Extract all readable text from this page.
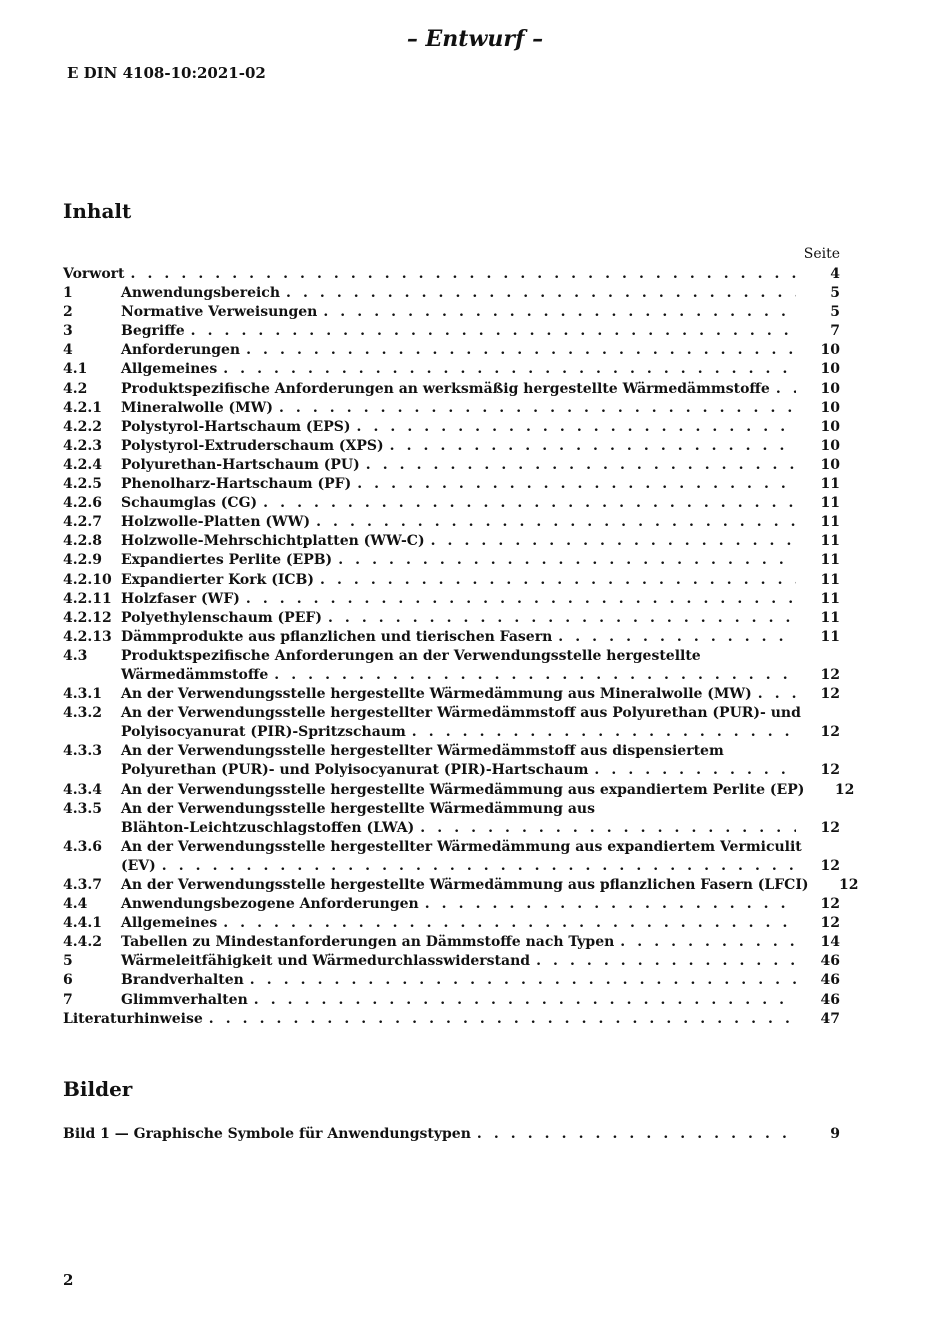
– Entwurf –
E DIN 4108-10:2021-02
Inhalt
Seite
Vorwort . . .	4
1	Anwendungsbereich . . .	5
2	Normative Verweisungen . . .	5
3	Begriffe . . .	7
4	Anforderungen . . .	10
4.1	Allgemeines . . .	10
4.2	Produktspezifische Anforderungen an werksmäßig hergestellte Wärmedämmstoffe . . .	10
4.2.1	Mineralwolle (MW) . . .	10
4.2.2	Polystyrol-Hartschaum (EPS) . . .	10
4.2.3	Polystyrol-Extruderschaum (XPS) . . .	10
4.2.4	Polyurethan-Hartschaum (PU) . . .	10
4.2.5	Phenolharz-Hartschaum (PF) . . .	11
4.2.6	Schaumglas (CG) . . .	11
4.2.7	Holzwolle-Platten (WW) . . .	11
4.2.8	Holzwolle-Mehrschichtplatten (WW-C) . . .	11
4.2.9	Expandiertes Perlite (EPB) . . .	11
4.2.10 Expandierter Kork (ICB) . . .	11
4.2.11 Holzfaser (WF) . . .	11
4.2.12 Polyethylenschaum (PEF) . . .	11
4.2.13 Dämmprodukte aus pflanzlichen und tierischen Fasern . . .	11
4.3	Produktspezifische Anforderungen an der Verwendungsstelle hergestellte
Wärmedämmstoffe . . .	12
4.3.1	An der Verwendungsstelle hergestellte Wärmedämmung aus Mineralwolle (MW) . . .	12
4.3.2	An der Verwendungsstelle hergestellter Wärmedämmstoff aus Polyurethan (PUR)- und
Polyisocyanurat (PIR)-Spritzschaum . . .	12
4.3.3	An der Verwendungsstelle hergestellter Wärmedämmstoff aus dispensiertem
Polyurethan (PUR)- und Polyisocyanurat (PIR)-Hartschaum . . .	12
4.3.4	An der Verwendungsstelle hergestellte Wärmedämmung aus expandiertem Perlite (EP)	12
4.3.5	An der Verwendungsstelle hergestellte Wärmedämmung aus
Blähton-Leichtzuschlagstoffen (LWA) . . .	12
4.3.6	An der Verwendungsstelle hergestellter Wärmedämmung aus expandiertem Vermiculit
(EV) . . .	12
4.3.7	An der Verwendungsstelle hergestellte Wärmedämmung aus pflanzlichen Fasern (LFCI)	12
4.4	Anwendungsbezogene Anforderungen . . .	12
4.4.1	Allgemeines . . .	12
4.4.2	Tabellen zu Mindestanforderungen an Dämmstoffe nach Typen . . .	14
5	Wärmeleitfähigkeit und Wärmedurchlasswiderstand . . .	46
6	Brandverhalten . . .	46
7	Glimmverhalten . . .	46
Literaturhinweise . . .	47
Bilder
Bild 1 — Graphische Symbole für Anwendungstypen . . .	9
2
